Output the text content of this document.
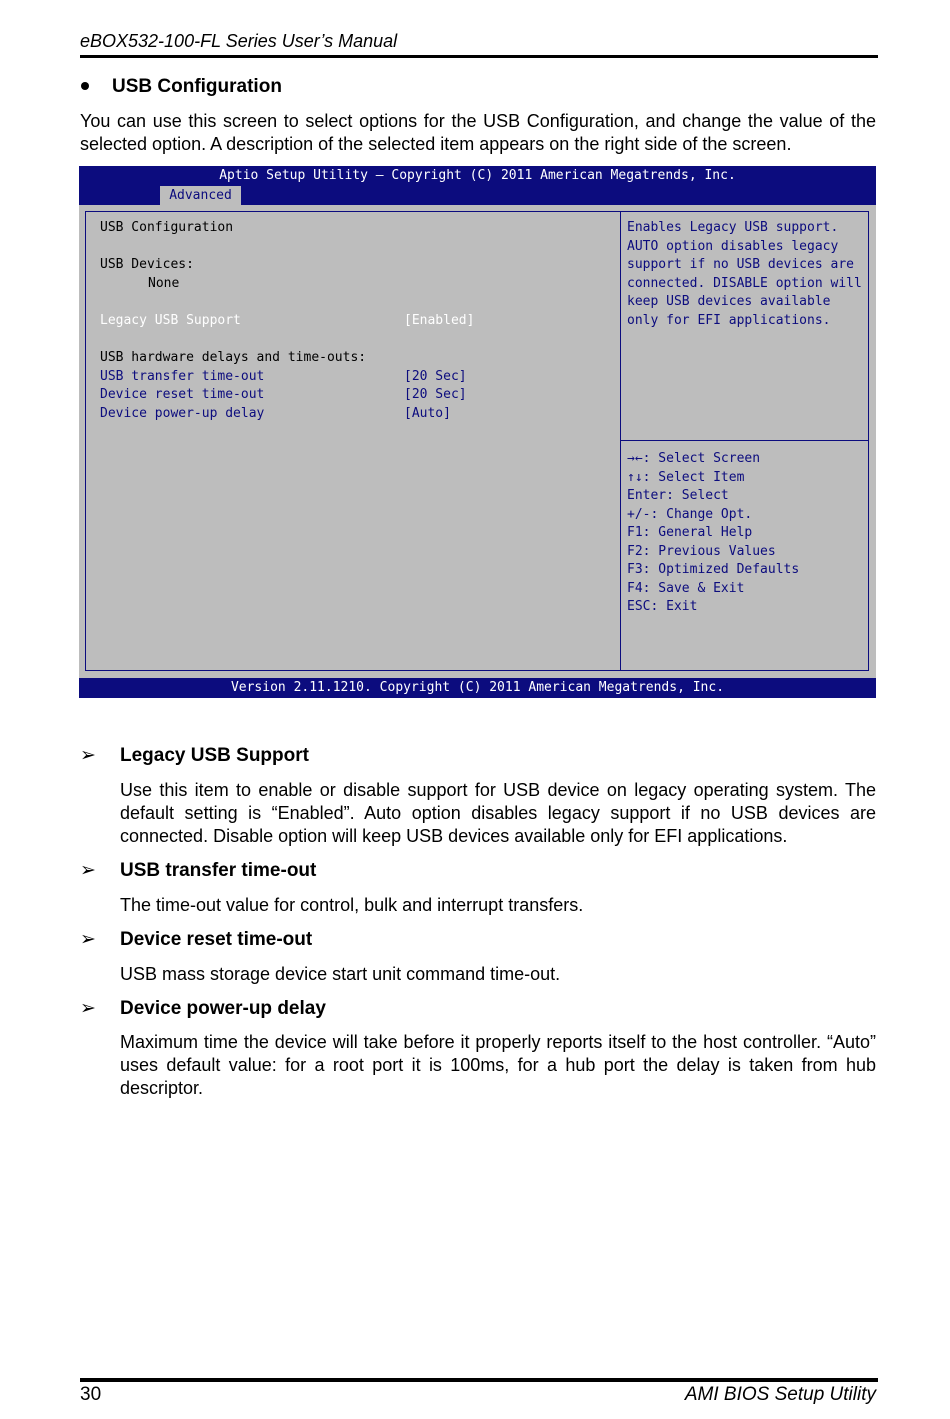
eBOX532-100-FL Series User’s Manual
USB Configuration
You can use this screen to select options for the USB Configuration, and change the value of the selected option. A description of the selected item appears on the right side of the screen.
Aptio Setup Utility – Copyright (C) 2011 American Megatrends, Inc.
Advanced
USB Configuration
USB Devices:
None
Legacy USB Support	[Enabled]
USB hardware delays and time-outs:
USB transfer time-out	[20 Sec]
Device reset time-out	[20 Sec]
Device power-up delay	[Auto]
Enables Legacy USB support.
AUTO option disables legacy
support if no USB devices are
connected. DISABLE option will
keep USB devices available
only for EFI applications.
→←: Select Screen
↑↓: Select Item
Enter: Select
+/-: Change Opt.
F1: General Help
F2: Previous Values
F3: Optimized Defaults
F4: Save & Exit
ESC: Exit
Version 2.11.1210. Copyright (C) 2011 American Megatrends, Inc.
➢ Legacy USB Support
Use this item to enable or disable support for USB device on legacy operating system. The default setting is “Enabled”. Auto option disables legacy support if no USB devices are connected. Disable option will keep USB devices available only for EFI applications.
➢ USB transfer time-out
The time-out value for control, bulk and interrupt transfers.
➢ Device reset time-out
USB mass storage device start unit command time-out.
➢ Device power-up delay
Maximum time the device will take before it properly reports itself to the host controller. “Auto” uses default value: for a root port it is 100ms, for a hub port the delay is taken from hub descriptor.
30	AMI BIOS Setup Utility
